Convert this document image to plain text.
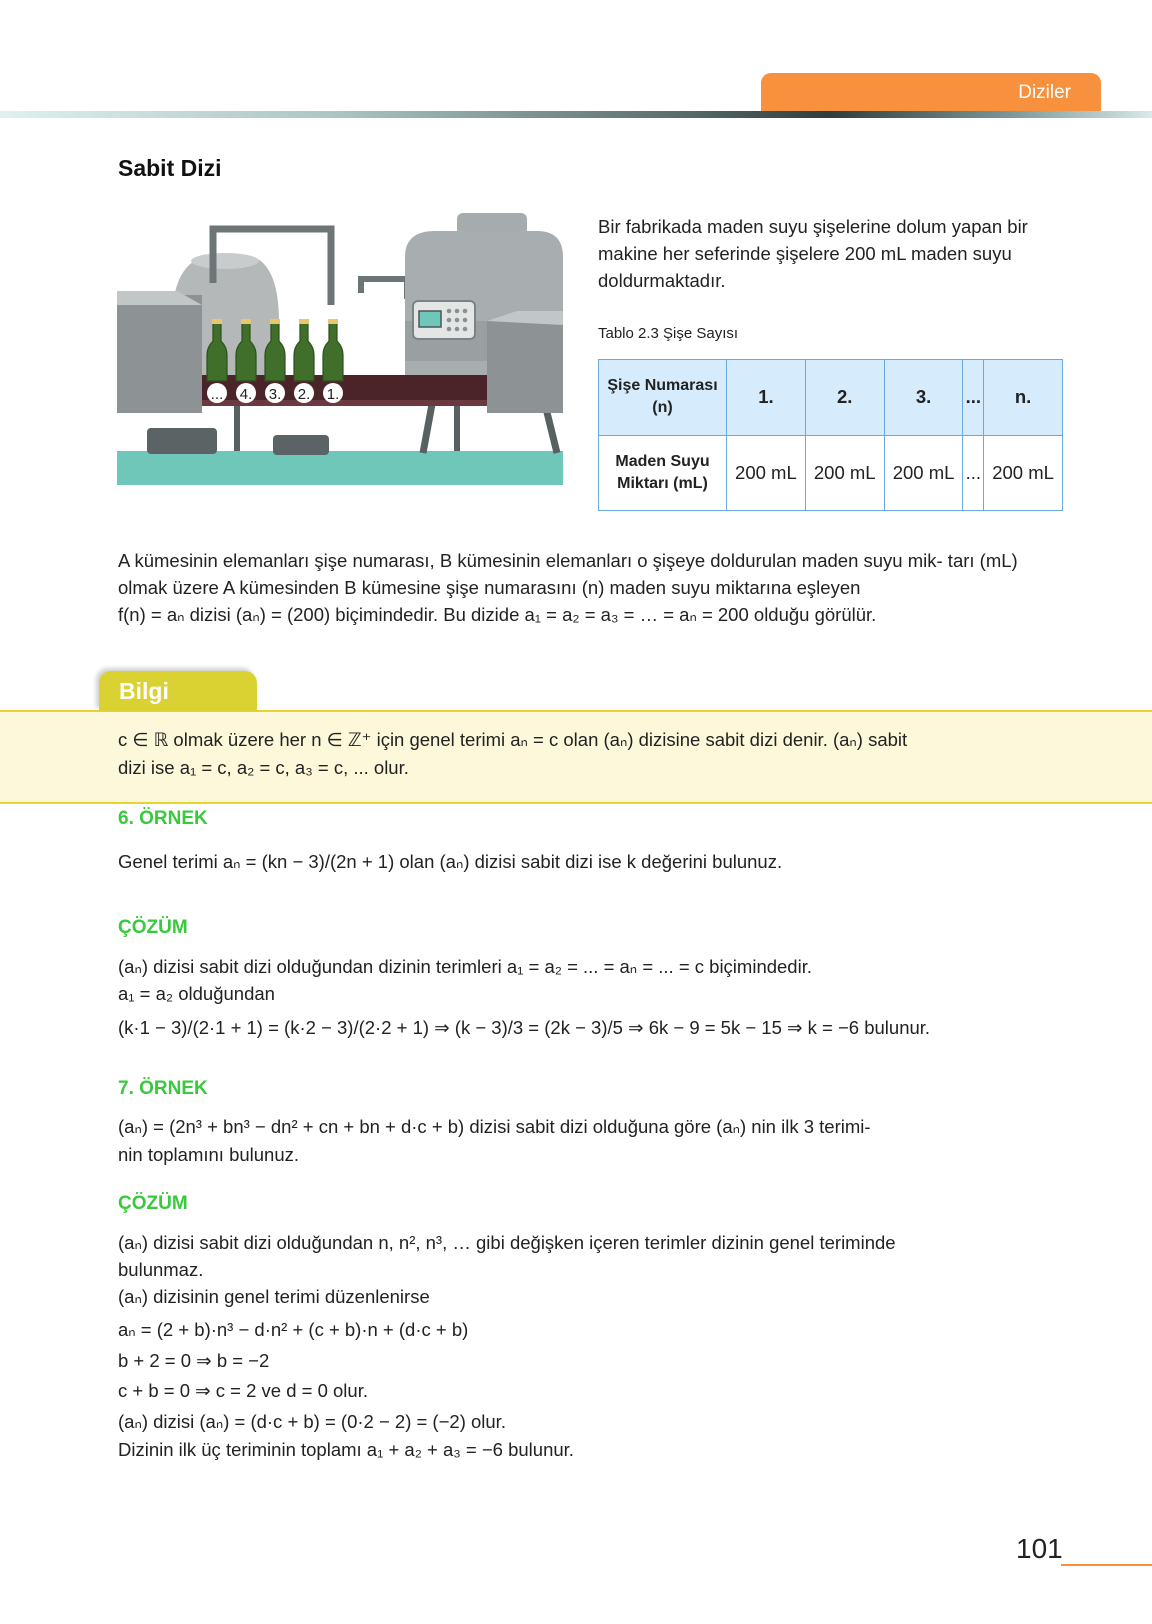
Diziler
Sabit Dizi
... 4. 3. 2. 1.
Bir fabrikada maden suyu şişelerine dolum yapan bir makine her seferinde şişelere 200 mL maden suyu doldurmaktadır.
Tablo 2.3 Şişe Sayısı
Şişe Numarası (n)	1.	2.	3.	...	n.
Maden Suyu Miktarı (mL)	200 mL	200 mL	200 mL	...	200 mL
A kümesinin elemanları şişe numarası, B kümesinin elemanları o şişeye doldurulan maden suyu mik- tarı (mL) olmak üzere A kümesinden B kümesine şişe numarasını (n) maden suyu miktarına eşleyen
f(n) = aₙ dizisi (aₙ) = (200) biçimindedir. Bu dizide a₁ = a₂ = a₃ = … = aₙ = 200 olduğu görülür.
Bilgi
c ∈ ℝ olmak üzere her n ∈ ℤ⁺ için genel terimi aₙ = c olan (aₙ) dizisine sabit dizi denir. (aₙ) sabit
dizi ise a₁ = c, a₂ = c, a₃ = c, ... olur.
6. ÖRNEK
Genel terimi aₙ = (kn − 3)/(2n + 1) olan (aₙ) dizisi sabit dizi ise k değerini bulunuz.
ÇÖZÜM
(aₙ) dizisi sabit dizi olduğundan dizinin terimleri a₁ = a₂ = ... = aₙ = ... = c biçimindedir.
a₁ = a₂ olduğundan
(k·1 − 3)/(2·1 + 1) = (k·2 − 3)/(2·2 + 1) ⇒ (k − 3)/3 = (2k − 3)/5 ⇒ 6k − 9 = 5k − 15 ⇒ k = −6 bulunur.
7. ÖRNEK
(aₙ) = (2n³ + bn³ − dn² + cn + bn + d·c + b) dizisi sabit dizi olduğuna göre (aₙ) nin ilk 3 terimi-
nin toplamını bulunuz.
ÇÖZÜM
(aₙ) dizisi sabit dizi olduğundan n, n², n³, … gibi değişken içeren terimler dizinin genel teriminde
bulunmaz.
(aₙ) dizisinin genel terimi düzenlenirse
aₙ = (2 + b)·n³ − d·n² + (c + b)·n + (d·c + b)
b + 2 = 0 ⇒ b = −2
c + b = 0 ⇒ c = 2 ve d = 0 olur.
(aₙ) dizisi (aₙ) = (d·c + b) = (0·2 − 2) = (−2) olur.
Dizinin ilk üç teriminin toplamı a₁ + a₂ + a₃ = −6 bulunur.
101
